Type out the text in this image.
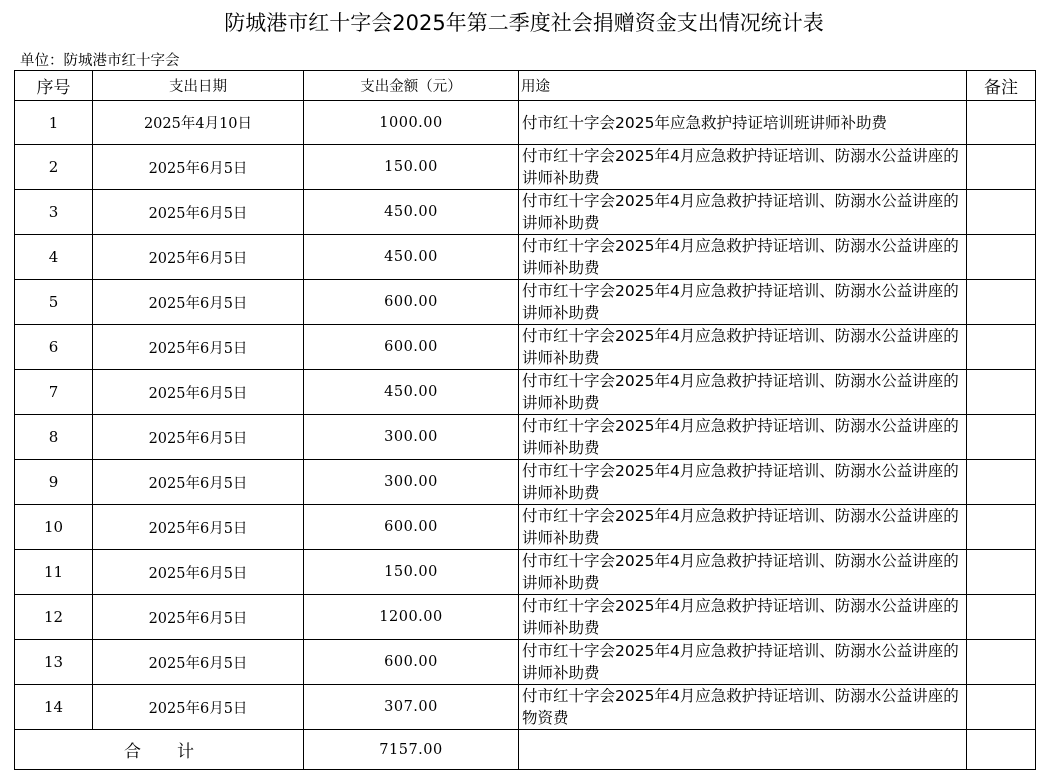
防城港市红十字会2025年第二季度社会捐赠资金支出情况统计表
单位：防城港市红十字会
序号	支出日期	支出金额（元）	用途	备注
1	2025年4月10日	1000.00	付市红十字会2025年应急救护持证培训班讲师补助费	
2	2025年6月5日	150.00	付市红十字会2025年4月应急救护持证培训、防溺水公益讲座的讲师补助费	
3	2025年6月5日	450.00	付市红十字会2025年4月应急救护持证培训、防溺水公益讲座的讲师补助费	
4	2025年6月5日	450.00	付市红十字会2025年4月应急救护持证培训、防溺水公益讲座的讲师补助费	
5	2025年6月5日	600.00	付市红十字会2025年4月应急救护持证培训、防溺水公益讲座的讲师补助费	
6	2025年6月5日	600.00	付市红十字会2025年4月应急救护持证培训、防溺水公益讲座的讲师补助费	
7	2025年6月5日	450.00	付市红十字会2025年4月应急救护持证培训、防溺水公益讲座的讲师补助费	
8	2025年6月5日	300.00	付市红十字会2025年4月应急救护持证培训、防溺水公益讲座的讲师补助费	
9	2025年6月5日	300.00	付市红十字会2025年4月应急救护持证培训、防溺水公益讲座的讲师补助费	
10	2025年6月5日	600.00	付市红十字会2025年4月应急救护持证培训、防溺水公益讲座的讲师补助费	
11	2025年6月5日	150.00	付市红十字会2025年4月应急救护持证培训、防溺水公益讲座的讲师补助费	
12	2025年6月5日	1200.00	付市红十字会2025年4月应急救护持证培训、防溺水公益讲座的讲师补助费	
13	2025年6月5日	600.00	付市红十字会2025年4月应急救护持证培训、防溺水公益讲座的讲师补助费	
14	2025年6月5日	307.00	付市红十字会2025年4月应急救护持证培训、防溺水公益讲座的物资费	
合 计		7157.00		
